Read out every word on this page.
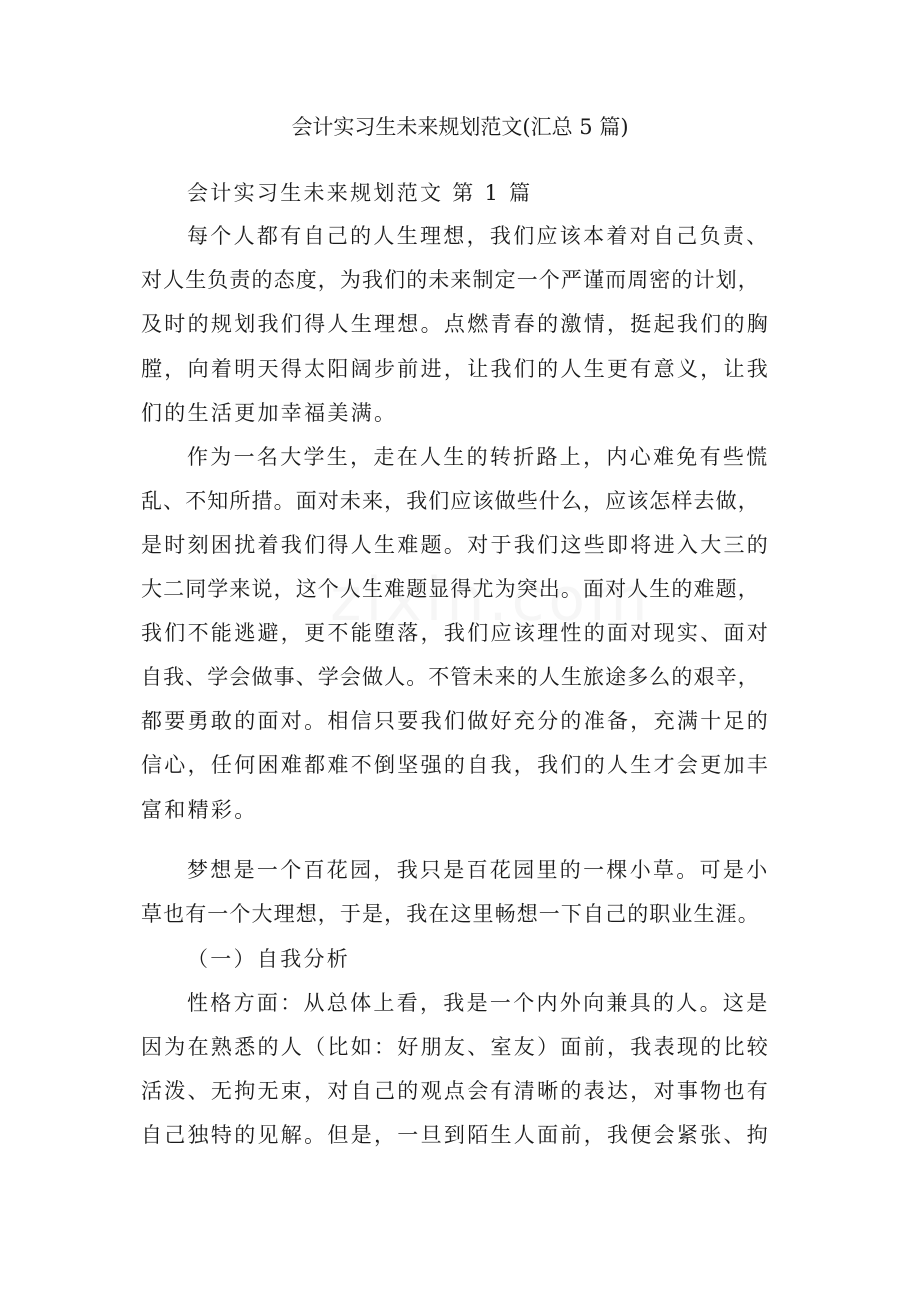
会计实习生未来规划范文(汇总 5 篇)
会计实习生未来规划范文 第 1 篇
每个人都有自己的人生理想，我们应该本着对自己负责、
对人生负责的态度，为我们的未来制定一个严谨而周密的计划，
及时的规划我们得人生理想。点燃青春的激情，挺起我们的胸
膛，向着明天得太阳阔步前进，让我们的人生更有意义，让我
们的生活更加幸福美满。
作为一名大学生，走在人生的转折路上，内心难免有些慌
乱、不知所措。面对未来，我们应该做些什么，应该怎样去做，
是时刻困扰着我们得人生难题。对于我们这些即将进入大三的
大二同学来说，这个人生难题显得尤为突出。面对人生的难题，
我们不能逃避，更不能堕落，我们应该理性的面对现实、面对
自我、学会做事、学会做人。不管未来的人生旅途多么的艰辛，
都要勇敢的面对。相信只要我们做好充分的准备，充满十足的
信心，任何困难都难不倒坚强的自我，我们的人生才会更加丰
富和精彩。
梦想是一个百花园，我只是百花园里的一棵小草。可是小
草也有一个大理想，于是，我在这里畅想一下自己的职业生涯。
（一）自我分析
性格方面：从总体上看，我是一个内外向兼具的人。这是
因为在熟悉的人（比如：好朋友、室友）面前，我表现的比较
活泼、无拘无束，对自己的观点会有清晰的表达，对事物也有
自己独特的见解。但是，一旦到陌生人面前，我便会紧张、拘
